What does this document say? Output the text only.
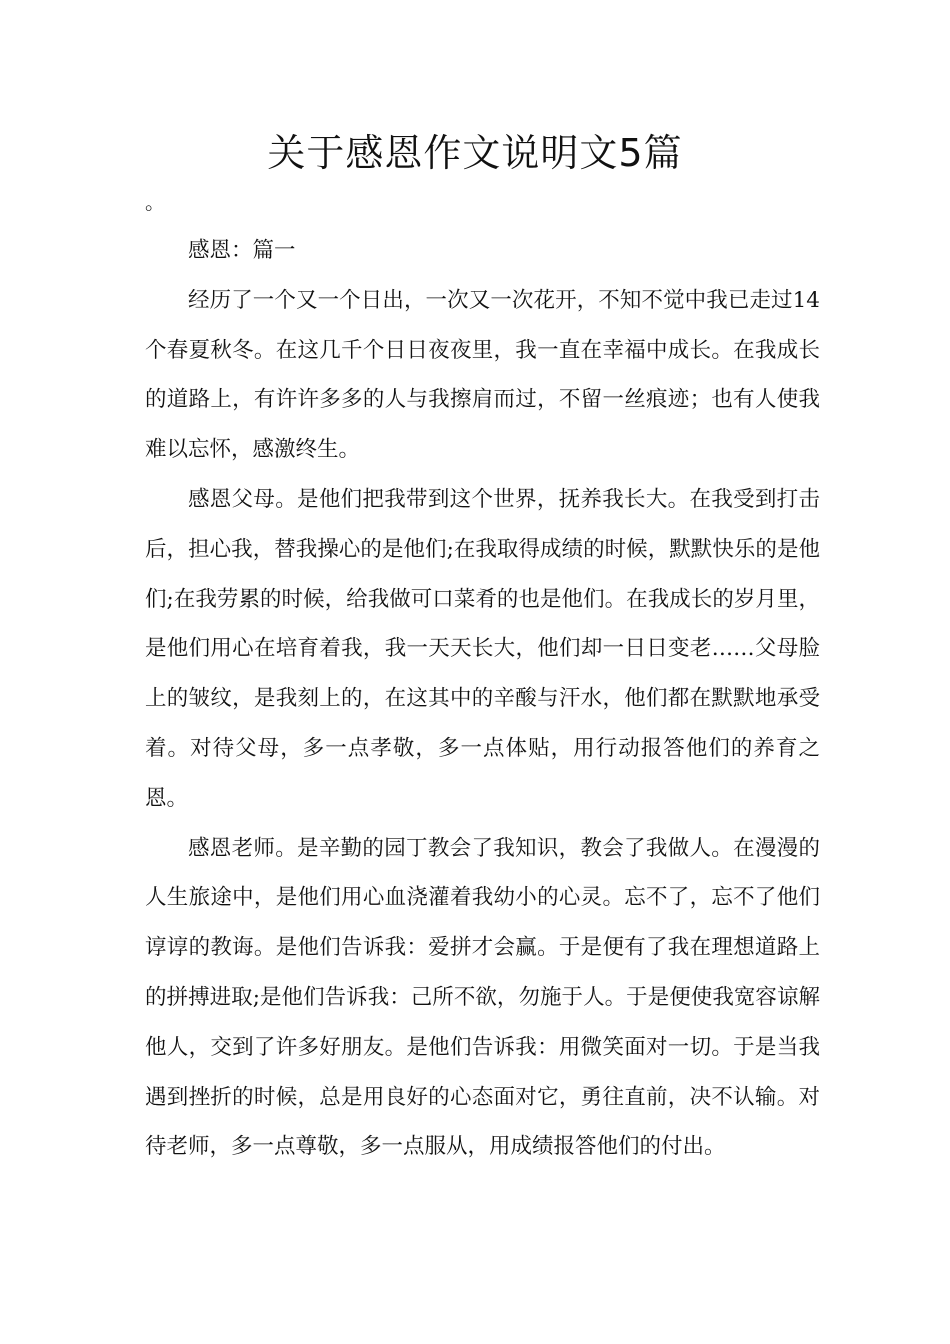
关于感恩作文说明文5篇
。

感恩：篇一

经历了一个又一个日出，一次又一次花开，不知不觉中我已走过14个春夏秋冬。在这几千个日日夜夜里，我一直在幸福中成长。在我成长的道路上，有许许多多的人与我擦肩而过，不留一丝痕迹；也有人使我难以忘怀，感激终生。

感恩父母。是他们把我带到这个世界，抚养我长大。在我受到打击后，担心我，替我操心的是他们;在我取得成绩的时候，默默快乐的是他们;在我劳累的时候，给我做可口菜肴的也是他们。在我成长的岁月里，是他们用心在培育着我，我一天天长大，他们却一日日变老……父母脸上的皱纹，是我刻上的，在这其中的辛酸与汗水，他们都在默默地承受着。对待父母，多一点孝敬，多一点体贴，用行动报答他们的养育之恩。

感恩老师。是辛勤的园丁教会了我知识，教会了我做人。在漫漫的人生旅途中，是他们用心血浇灌着我幼小的心灵。忘不了，忘不了他们谆谆的教诲。是他们告诉我：爱拼才会赢。于是便有了我在理想道路上的拼搏进取;是他们告诉我：己所不欲，勿施于人。于是便使我宽容谅解他人，交到了许多好朋友。是他们告诉我：用微笑面对一切。于是当我遇到挫折的时候，总是用良好的心态面对它，勇往直前，决不认输。对待老师，多一点尊敬，多一点服从，用成绩报答他们的付出。
